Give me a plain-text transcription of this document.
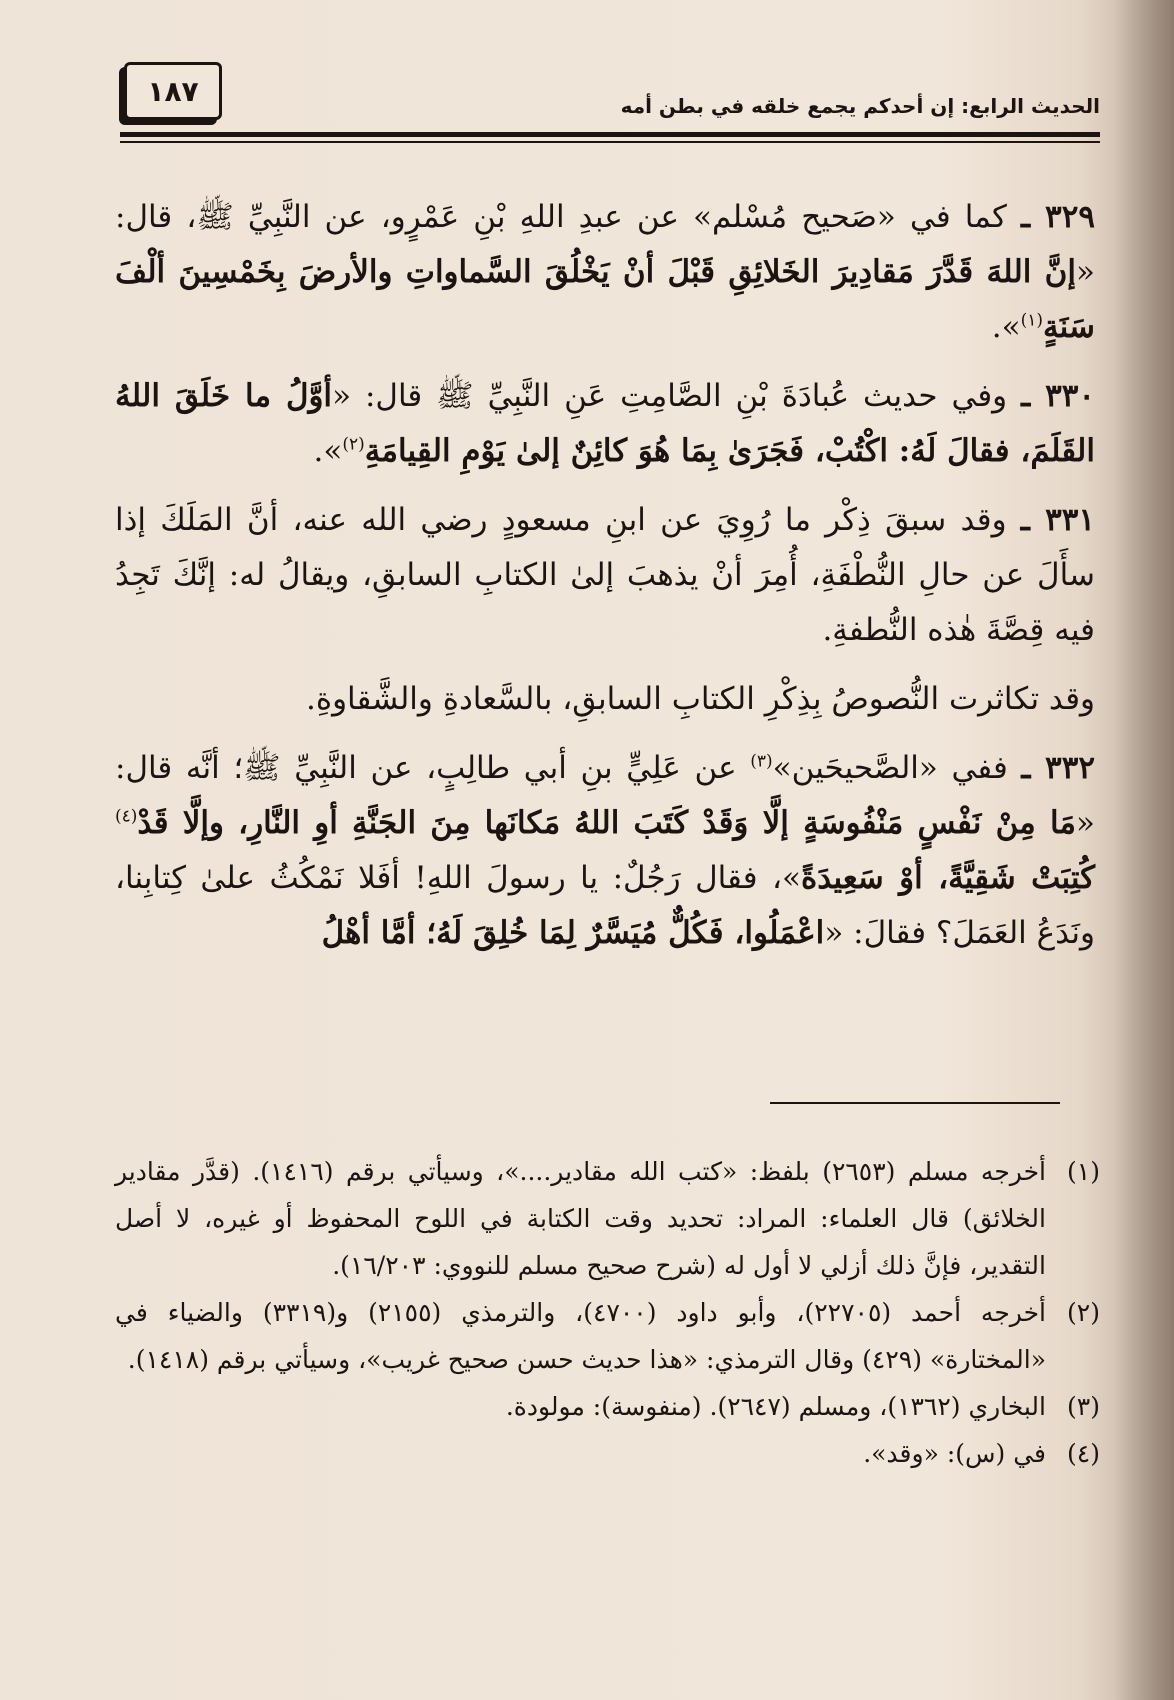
١٨٧	الحديث الرابع: إن أحدكم يجمع خلقه في بطن أمه

٣٢٩ ـ كما في «صَحيح مُسْلم» عن عبدِ اللهِ بْنِ عَمْرٍو، عن النَّبِيِّ ﷺ، قال: «إنَّ اللهَ قَدَّرَ مَقادِيرَ الخَلائِقِ قَبْلَ أنْ يَخْلُقَ السَّماواتِ والأرضَ بِخَمْسِينَ ألْفَ سَنَةٍ$^{(١)}$».

٣٣٠ ـ وفي حديث عُبادَةَ بْنِ الصَّامِتِ عَنِ النَّبِيِّ ﷺ قال: «أوَّلُ ما خَلَقَ اللهُ القَلَمَ، فقالَ لَهُ: اكْتُبْ، فَجَرَىٰ بِمَا هُوَ كائِنٌ إلىٰ يَوْمِ القِيامَةِ$^{(٢)}$».

٣٣١ ـ وقد سبقَ ذِكْر ما رُوِيَ عن ابنِ مسعودٍ رضي الله عنه، أنَّ المَلَكَ إذا سأَلَ عن حالِ النُّطْفَةِ، أُمِرَ أنْ يذهبَ إلىٰ الكتابِ السابقِ، ويقالُ له: إنَّكَ تَجِدُ فيه قِصَّةَ هٰذه النُّطفةِ.

وقد تكاثرت النُّصوصُ بِذِكْرِ الكتابِ السابقِ، بالسَّعادةِ والشَّقاوةِ.

٣٣٢ ـ ففي «الصَّحيحَين»$^{(٣)}$ عن عَلِيٍّ بنِ أبي طالِبٍ، عن النَّبِيِّ ﷺ؛ أنَّه قال: «مَا مِنْ نَفْسٍ مَنْفُوسَةٍ إلَّا وَقَدْ كَتَبَ اللهُ مَكانَها مِنَ الجَنَّةِ أوِ النَّارِ، وإلَّا قَدْ$^{(٤)}$ كُتِبَتْ شَقِيَّةً، أوْ سَعِيدَةً»، فقال رَجُلٌ: يا رسولَ اللهِ! أفَلا نَمْكُثُ علىٰ كِتابِنا، ونَدَعُ العَمَلَ؟ فقالَ: «اعْمَلُوا، فَكُلٌّ مُيَسَّرٌ لِمَا خُلِقَ لَهُ؛ أمَّا أهْلُ

(١)
أخرجه مسلم (٢٦٥٣) بلفظ: «كتب الله مقادير....»، وسيأتي برقم (١٤١٦). (قدَّر مقادير الخلائق) قال العلماء: المراد: تحديد وقت الكتابة في اللوح المحفوظ أو غيره، لا أصل التقدير، فإنَّ ذلك أزلي لا أول له (شرح صحيح مسلم للنووي: ١٦/٢٠٣).
(٢)
أخرجه أحمد (٢٢٧٠٥)، وأبو داود (٤٧٠٠)، والترمذي (٢١٥٥) و(٣٣١٩) والضياء في «المختارة» (٤٢٩) وقال الترمذي: «هذا حديث حسن صحيح غريب»، وسيأتي برقم (١٤١٨).
(٣)
البخاري (١٣٦٢)، ومسلم (٢٦٤٧). (منفوسة): مولودة.
(٤)
في (س): «وقد».
